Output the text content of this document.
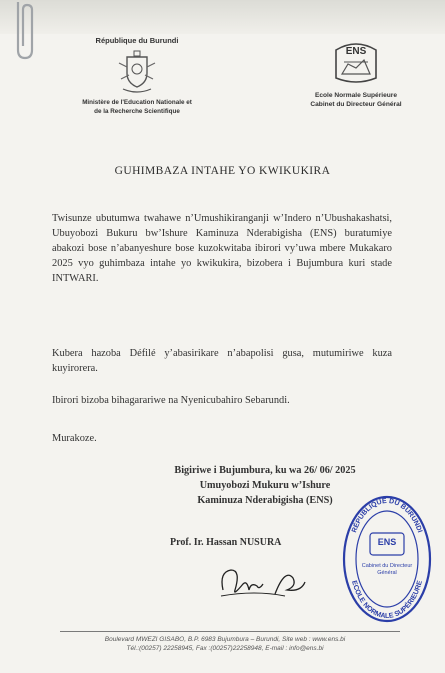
République du Burundi
Ministère de l'Education Nationale et
de la Recherche Scientifique
ENS
Ecole Normale Supérieure
Cabinet du Directeur Général
GUHIMBAZA INTAHE YO KWIKUKIRA
Twisunze ubutumwa twahawe n’Umushikiranganji w’Indero n’Ubushakashatsi, Ubuyobozi Bukuru bw’Ishure Kaminuza Nderabigisha (ENS) buratumiye abakozi bose n’abanyeshure bose kuzokwitaba ibirori vy’uwa mbere Mukakaro 2025 vyo guhimbaza intahe yo kwikukira, bizobera i Bujumbura kuri stade INTWARI.
Kubera hazoba Défilé y’abasirikare n’abapolisi gusa, mutumiriwe kuza kuyirorera.
Ibirori bizoba bihagarariwe na Nyenicubahiro Sebarundi.
Murakoze.
Bigiriwe i Bujumbura, ku wa 26/ 06/ 2025
Umuyobozi Mukuru w’Ishure
Kaminuza Nderabigisha (ENS)
Prof. Ir. Hassan NUSURA
RÉPUBLIQUE DU BURUNDI
ECOLE NORMALE SUPÉRIEURE
ENS
Cabinet du Directeur
Général
Boulevard MWEZI GISABO, B.P. 6983 Bujumbura – Burundi, Site web : www.ens.bi
Tél.:(00257) 22258945, Fax :(00257)22258948, E-mail : info@ens.bi
